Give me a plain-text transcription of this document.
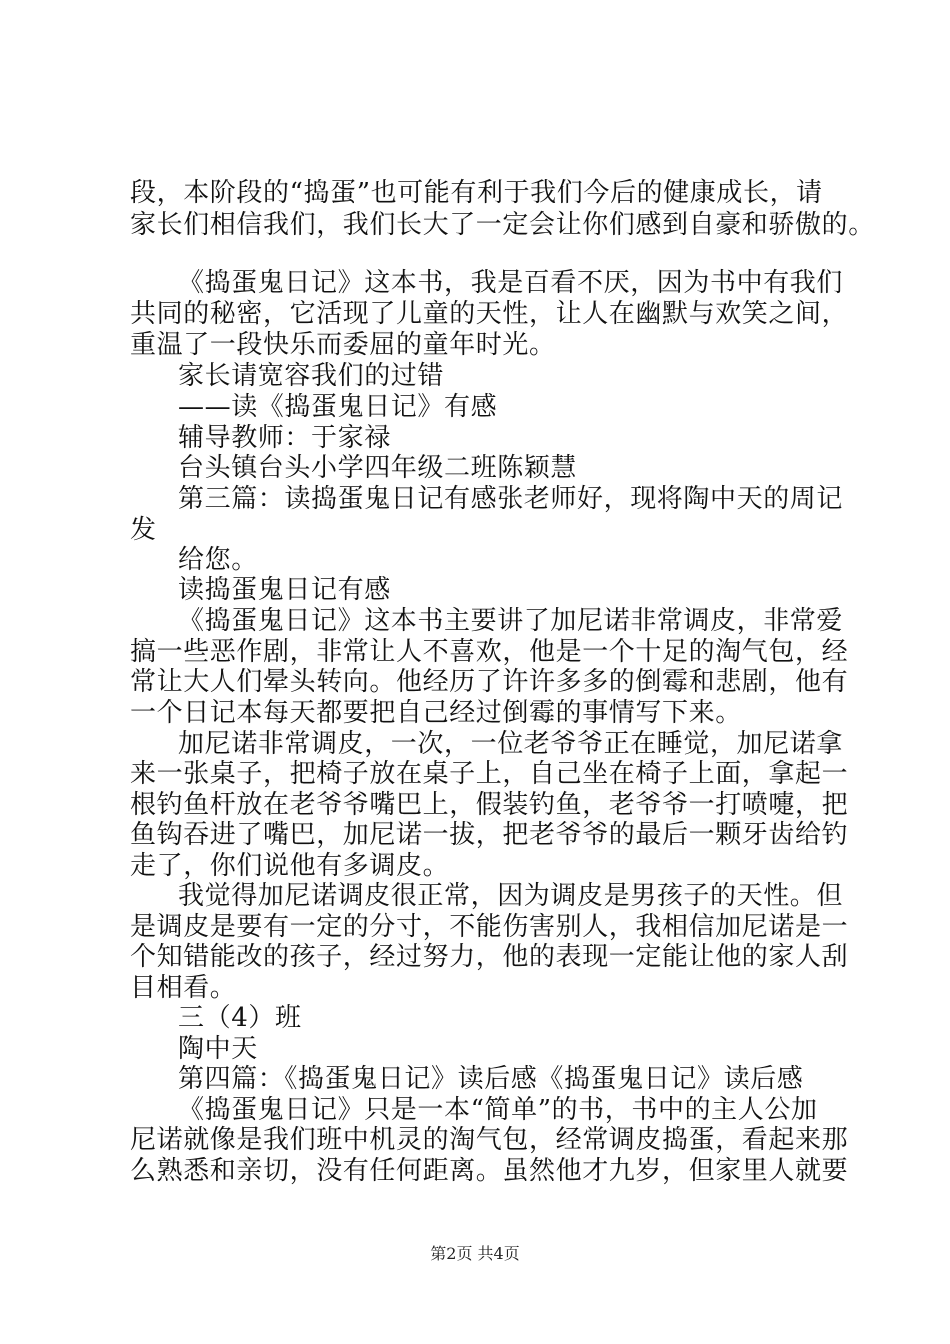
段，本阶段的“捣蛋”也可能有利于我们今后的健康成长，请
家长们相信我们，我们长大了一定会让你们感到自豪和骄傲的。
《捣蛋鬼日记》这本书，我是百看不厌，因为书中有我们
共同的秘密，它活现了儿童的天性，让人在幽默与欢笑之间，
重温了一段快乐而委屈的童年时光。
家长请宽容我们的过错
——读《捣蛋鬼日记》有感
辅导教师：于家禄
台头镇台头小学四年级二班陈颖慧
第三篇：读捣蛋鬼日记有感张老师好，现将陶中天的周记
发
给您。
读捣蛋鬼日记有感
《捣蛋鬼日记》这本书主要讲了加尼诺非常调皮，非常爱
搞一些恶作剧，非常让人不喜欢，他是一个十足的淘气包，经
常让大人们晕头转向。他经历了许许多多的倒霉和悲剧，他有
一个日记本每天都要把自己经过倒霉的事情写下来。
加尼诺非常调皮，一次，一位老爷爷正在睡觉，加尼诺拿
来一张桌子，把椅子放在桌子上，自己坐在椅子上面，拿起一
根钓鱼杆放在老爷爷嘴巴上，假装钓鱼，老爷爷一打喷嚏，把
鱼钩吞进了嘴巴，加尼诺一拔，把老爷爷的最后一颗牙齿给钓
走了，你们说他有多调皮。
我觉得加尼诺调皮很正常，因为调皮是男孩子的天性。但
是调皮是要有一定的分寸，不能伤害别人，我相信加尼诺是一
个知错能改的孩子，经过努力，他的表现一定能让他的家人刮
目相看。
三（4）班
陶中天
第四篇：《捣蛋鬼日记》读后感《捣蛋鬼日记》读后感
《捣蛋鬼日记》只是一本“简单”的书，书中的主人公加
尼诺就像是我们班中机灵的淘气包，经常调皮捣蛋，看起来那
么熟悉和亲切，没有任何距离。虽然他才九岁，但家里人就要
第2页 共4页
